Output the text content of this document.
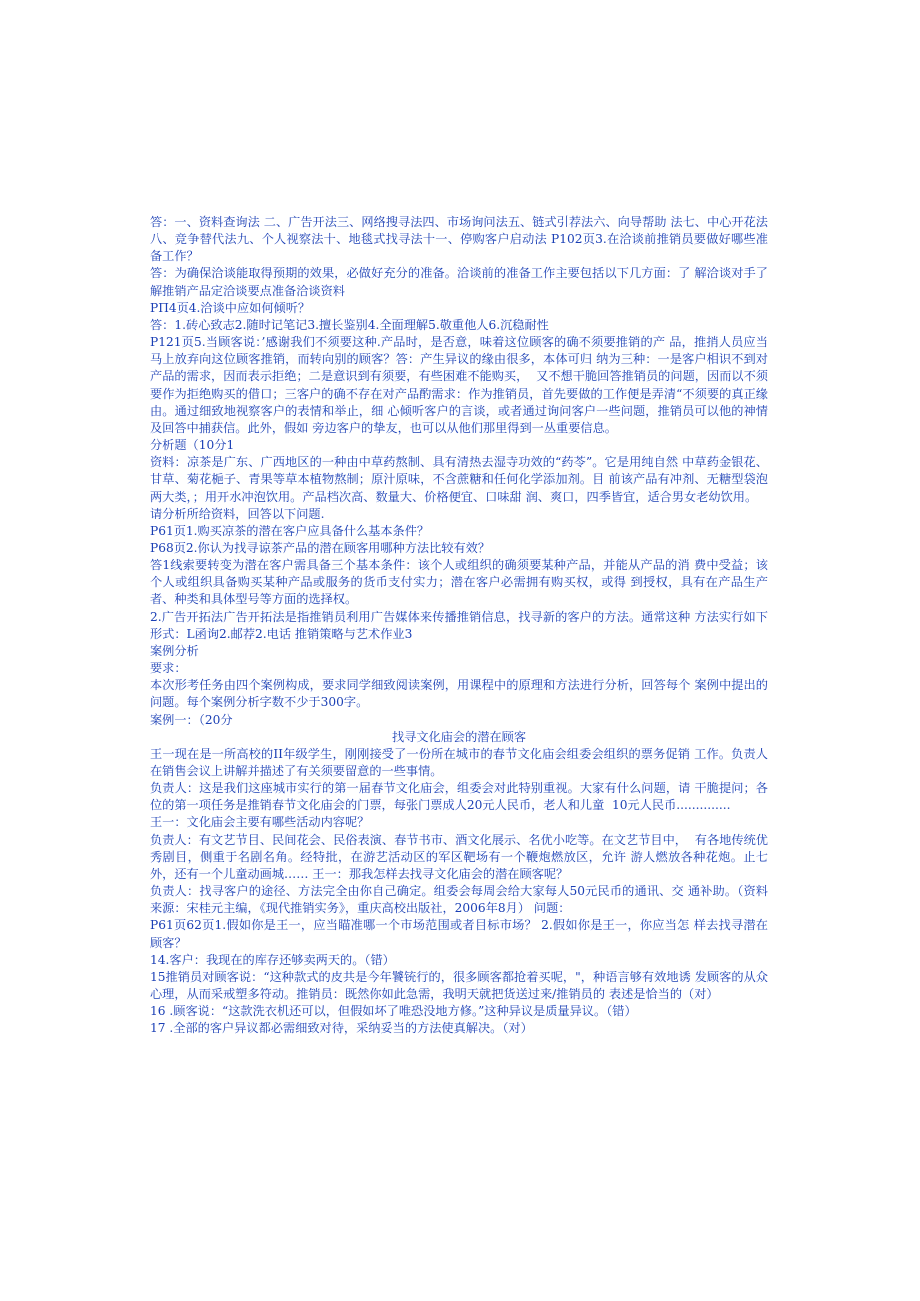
答：一、资料查询法 二、广告开法三、网络搜寻法四、市场询问法五、链式引荐法六、向导帮助 法七、中心开花法八、竞争替代法九、个人视察法十、地毯式找寻法十一、停购客户启动法 P102页3.在洽谈前推销员要做好哪些准备工作？

答：为确保洽谈能取得预期的效果，必做好充分的准备。洽谈前的准备工作主要包括以下几方面：了 解洽谈对手了解推销产品定洽谈要点准备洽谈资料

PΠ4页4.洽谈中应如何倾听？

答：1.砖心致志2.随时记笔记3.擅长鉴别4.全面理解5.敬重他人6.沉稳耐性

P121页5.当顾客说：’感谢我们不须要这种.产品时，是否意，味着这位顾客的确不须要推销的产 品，推捎人员应当马上放弃向这位顾客推销，而转向别的顾客？答：产生异议的缘由很多，本体可归 纳为三种：一是客户相识不到对产品的需求，因而表示拒绝；二是意识到有须要，有些困难不能购买，  又不想干脆回答推销员的问题，因而以不须要作为拒绝购买的借口；三客户的确不存在对产品酌需求：作为推销员，首先要做的工作便是弄清“不须要的真正缘由。通过细致地视察客户的表情和举止，细 心倾听客户的言谈，或者通过询问客户一些问题，推销员可以他的神情及回答中捕获信。此外，假如 旁边客户的挚友，也可以从他们那里得到一丛重要信息。

分析题（10分1

资料：凉茶是广东、广西地区的一种由中草药熬制、具有清热去湿寺功效的“药苓”。它是用纯自然 中草药金银花、甘草、菊花梔子、青果等草本植物熬制；原汁原味，不含蔗糖和任何化学添加剂。目 前该产品有冲剂、无糖型袋泡两大类，；用开水冲泡饮用。产品档次高、数量大、价格便宜、口味甜 润、爽口，四季皆宜，适合男女老幼饮用。

请分析所给资料，回答以下问题.

P61页1.购买凉茶的潜在客户应具备什么基本条件？

P68页2.你认为找寻谅茶产品的潜在顾客用哪种方法比较有效？

答1线索要转变为潜在客户需具备三个基本条件：该个人或组织的确须要某种产品，并能从产品的消 费中受益；该个人或组织具备购买某种产品或服务的货币支付实力；潜在客户必需拥有购买权，或得 到授权，具有在产品生产者、种类和具体型号等方面的选择权。

2.广告开拓法广告开拓法是指推销员利用广告媒体来传播推销信息，找寻新的客户的方法。通常这种 方法实行如下形式：L函询2.邮荐2.电话 推销策略与艺术作业3

案例分析

要求：

本次形考任务由四个案例构成，要求同学细致阅读案例，用课程中的原理和方法进行分析，回答每个 案例中提出的问题。每个案例分析字数不少于300字。

案例一：（20分

找寻文化庙会的潜在顾客

王一现在是一所高校的II年级学生，刚刚接受了一份所在城市的春节文化庙会组委会组织的票务促销 工作。负责人在销售会议上讲解并描述了有关须要留意的一些事情。

负责人：这是我们这座城市实行的第一届春节文化庙会，组委会对此特别重视。大家有什么问题，请 干脆提问；各位的第一项任务是推销春节文化庙会的门票，每张门票成人20元人民币，老人和儿童  10元人民币..............

王一：文化庙会主要有哪些活动内容呢？

负责人：有文艺节目、民间花会、民俗表演、春节书市、酒文化展示、名优小吃等。在文艺节目中，  有各地传统优秀剧目，侧重于名剧名角。经特批，在游艺活动区的军区靶场有一个鞭炮燃放区，允许 游人燃放各种花炮。止七外，还有一个儿童动画城…… 王一：那我怎样去找寻文化庙会的潜在顾客呢？

负责人：找寻客户的途径、方法完全由你自己确定。组委会每周会给大家每人50元民币的通讯、交 通补助。（资料来源：宋桂元主编，《现代推销实务》，重庆高校出版社，2006年8月） 问题：

P61页62页1.假如你是王一，应当瞄准哪一个市场范围或者目标市场？ 2.假如你是王一，你应当怎 样去找寻潜在顾客？

14.客户：我现在的库存还够卖两天的。（错）

15推销员对顾客说：“这种款式的皮共是今年饕铳行的，很多顾客都抢着买呢，"，种语言够有效地诱 发顾客的从众心理，从而采戒塑多符动。推销员：既然你如此急需，我明天就把货送过来/推销员的 表述是恰当的（对）

16 .顾客说：“这款洗衣机还可以，但假如坏了唯恐没地方修。”这种异议是质量异议。（错）

17 .全部的客户异议都必需细致对待，采纳妥当的方法使真解决。（对）
